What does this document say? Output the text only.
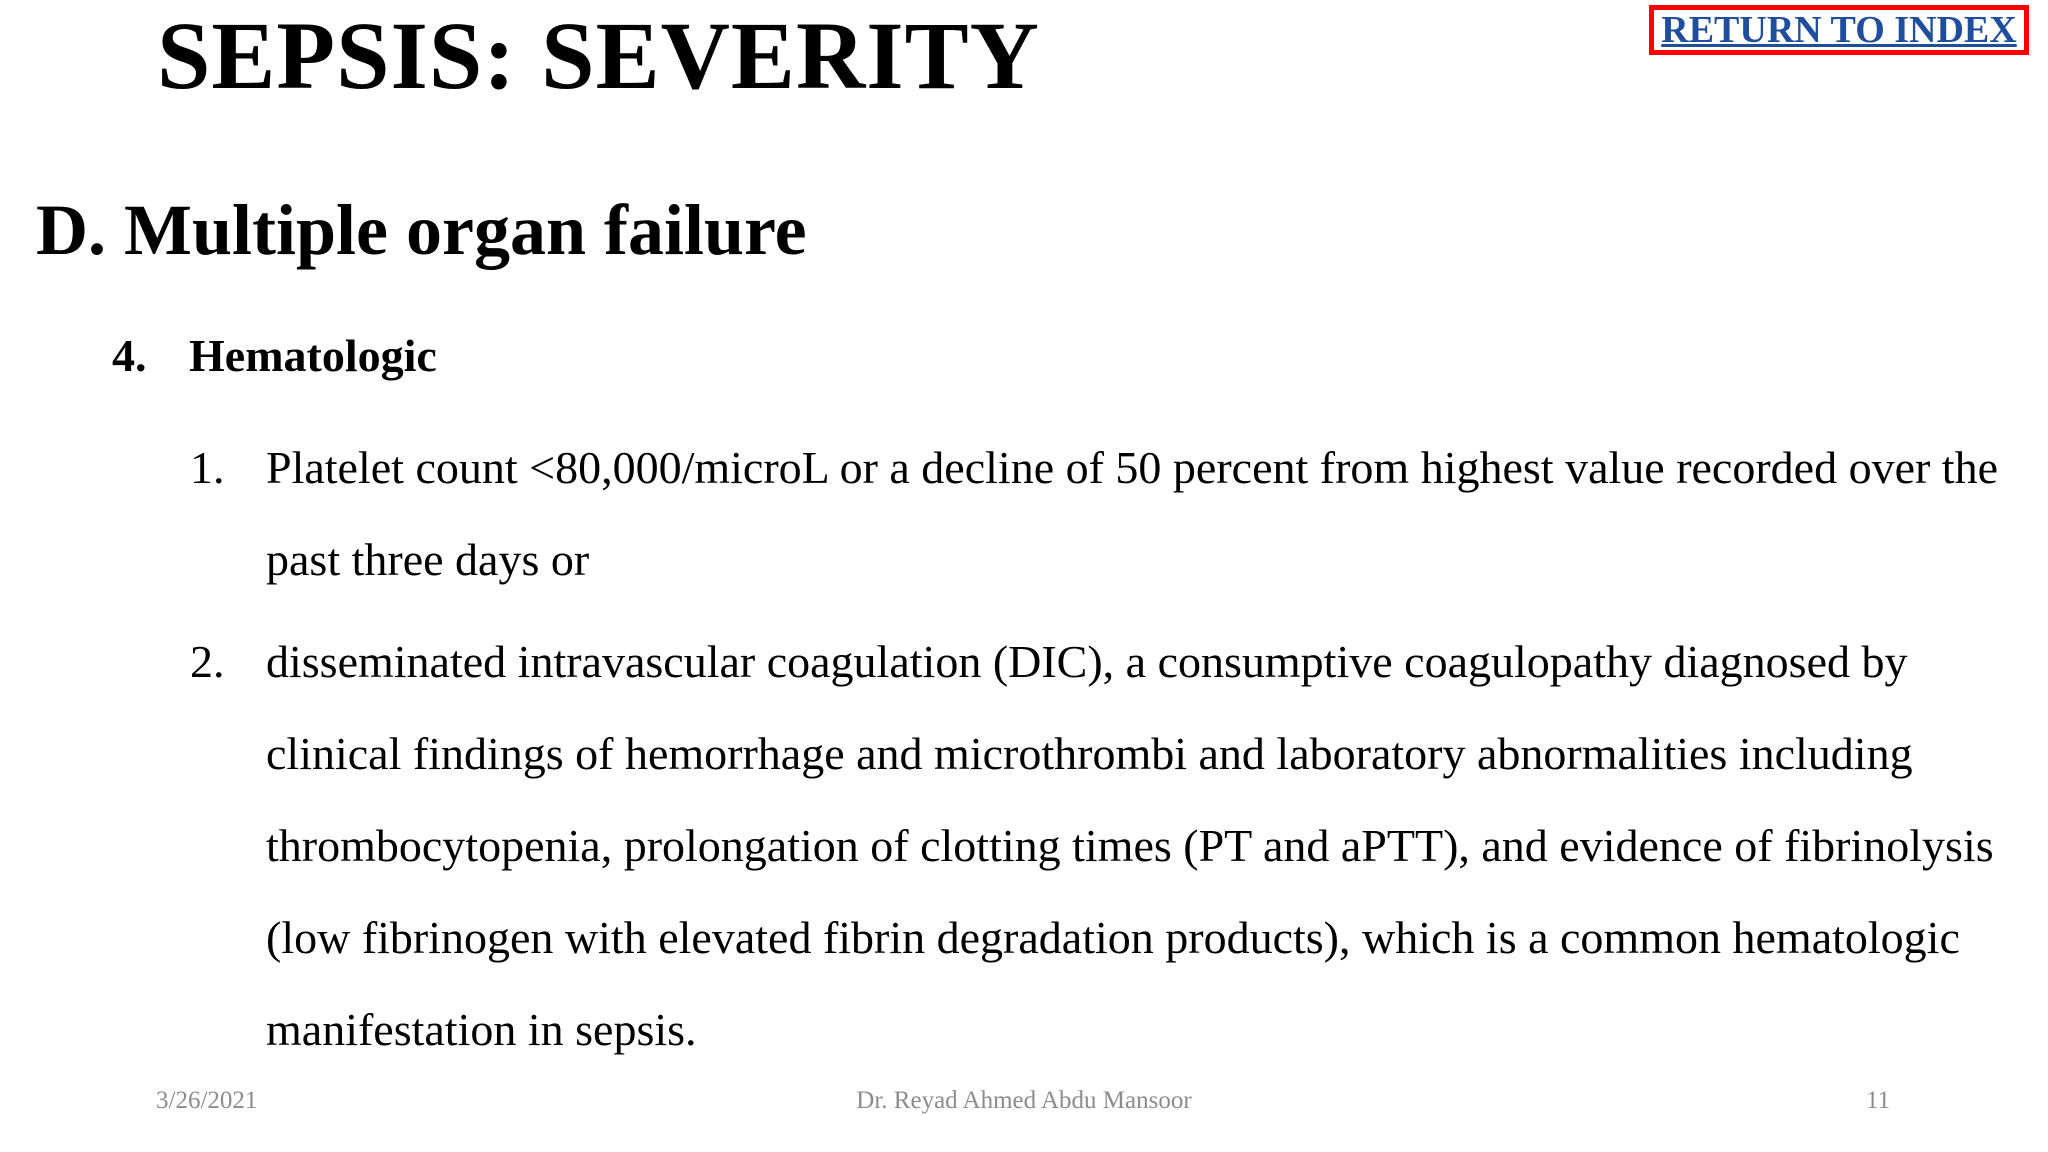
SEPSIS: SEVERITY	RETURN TO INDEX
D. Multiple organ failure
4. Hematologic
1. Platelet count <80,000/microL or a decline of 50 percent from highest value recorded over the past three days or
2. disseminated intravascular coagulation (DIC), a consumptive coagulopathy diagnosed by clinical findings of hemorrhage and microthrombi and laboratory abnormalities including thrombocytopenia, prolongation of clotting times (PT and aPTT), and evidence of fibrinolysis (low fibrinogen with elevated fibrin degradation products), which is a common hematologic manifestation in sepsis.
3/26/2021	Dr. Reyad Ahmed Abdu Mansoor	11
